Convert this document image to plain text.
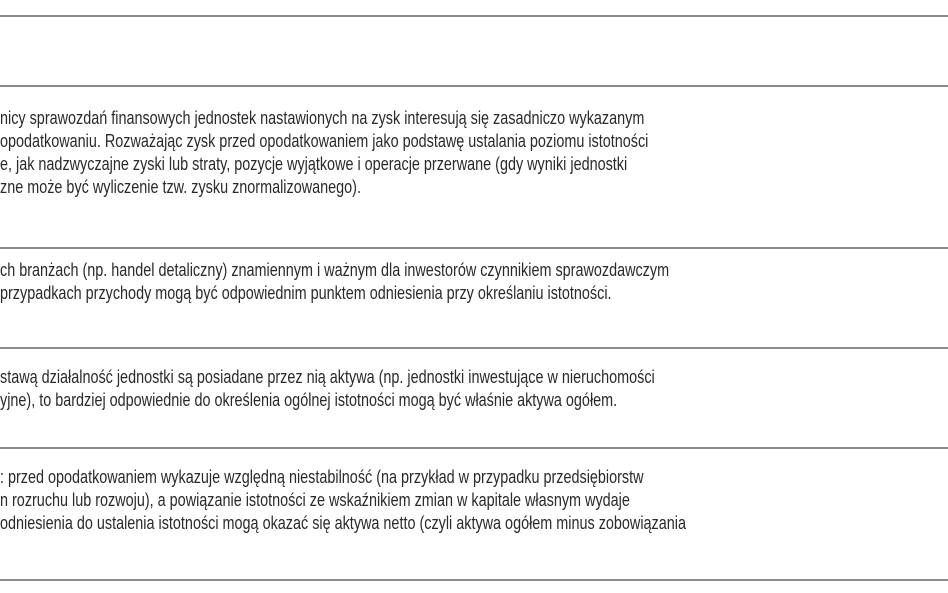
nicy sprawozdań finansowych jednostek nastawionych na zysk interesują się zasadniczo wykazanym
opodatkowaniu. Rozważając zysk przed opodatkowaniem jako podstawę ustalania poziomu istotności
e, jak nadzwyczajne zyski lub straty, pozycje wyjątkowe i operacje przerwane (gdy wyniki jednostki
zne może być wyliczenie tzw. zysku znormalizowanego).
ch branżach (np. handel detaliczny) znamiennym i ważnym dla inwestorów czynnikiem sprawozdawczym
przypadkach przychody mogą być odpowiednim punktem odniesienia przy określaniu istotności.
stawą działalność jednostki są posiadane przez nią aktywa (np. jednostki inwestujące w nieruchomości
yjne), to bardziej odpowiednie do określenia ogólnej istotności mogą być właśnie aktywa ogółem.
: przed opodatkowaniem wykazuje względną niestabilność (na przykład w przypadku przedsiębiorstw
n rozruchu lub rozwoju), a powiązanie istotności ze wskaźnikiem zmian w kapitale własnym wydaje
odniesienia do ustalenia istotności mogą okazać się aktywa netto (czyli aktywa ogółem minus zobowiązania
